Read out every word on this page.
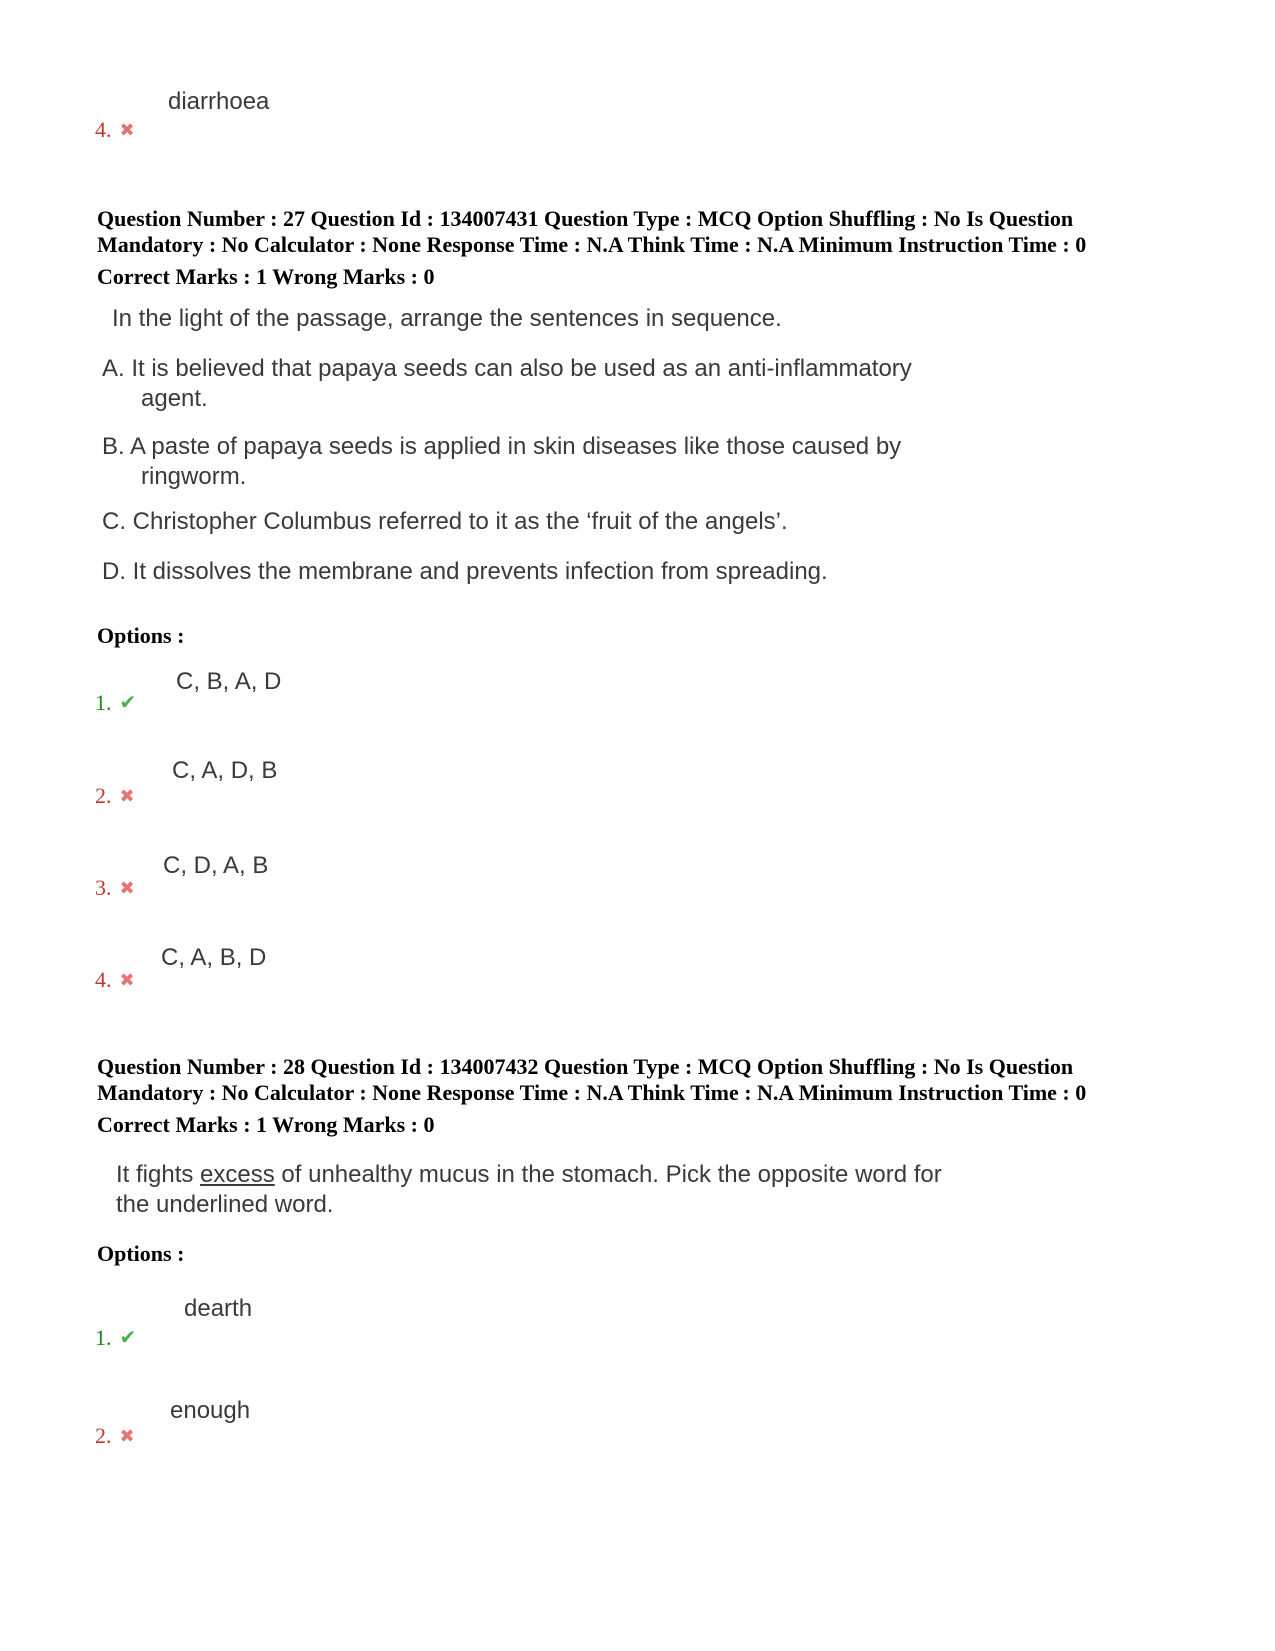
diarrhoea
4. ✖
Question Number : 27 Question Id : 134007431 Question Type : MCQ Option Shuffling : No Is Question
Mandatory : No Calculator : None Response Time : N.A Think Time : N.A Minimum Instruction Time : 0
Correct Marks : 1 Wrong Marks : 0
In the light of the passage, arrange the sentences in sequence.
A. It is believed that papaya seeds can also be used as an anti-inflammatory
agent.
B. A paste of papaya seeds is applied in skin diseases like those caused by
ringworm.
C. Christopher Columbus referred to it as the ‘fruit of the angels’.
D. It dissolves the membrane and prevents infection from spreading.
Options :
C, B, A, D
1. ✔
C, A, D, B
2. ✖
C, D, A, B
3. ✖
C, A, B, D
4. ✖
Question Number : 28 Question Id : 134007432 Question Type : MCQ Option Shuffling : No Is Question
Mandatory : No Calculator : None Response Time : N.A Think Time : N.A Minimum Instruction Time : 0
Correct Marks : 1 Wrong Marks : 0
It fights excess of unhealthy mucus in the stomach. Pick the opposite word for
the underlined word.
Options :
dearth
1. ✔
enough
2. ✖
